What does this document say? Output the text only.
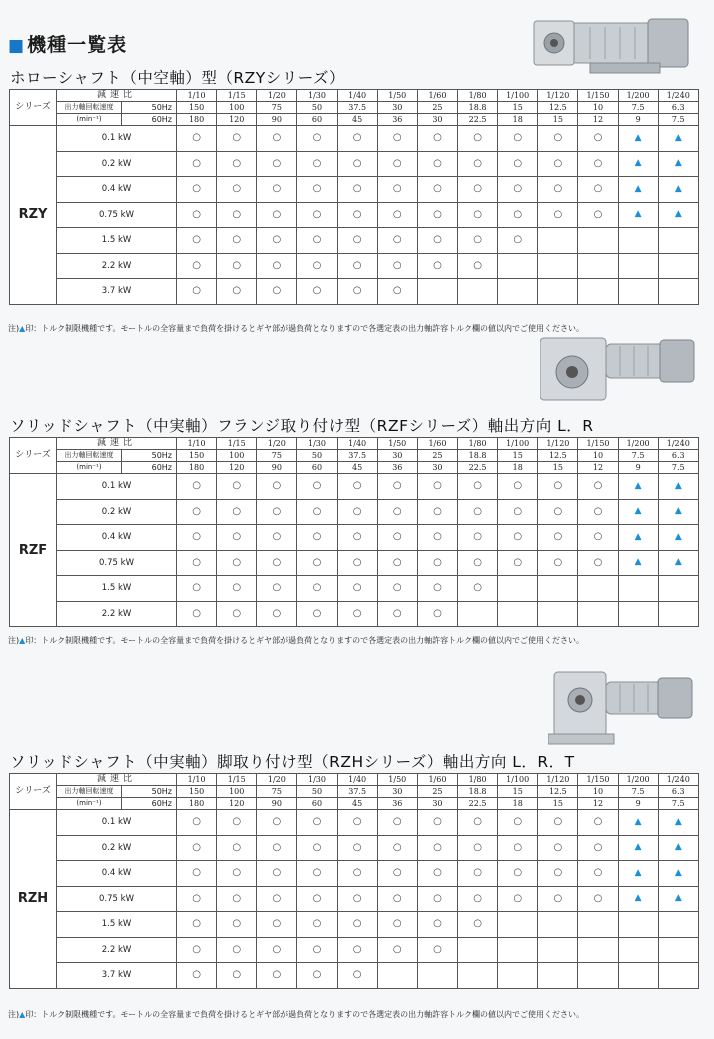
■ 機種一覧表
ホローシャフト（中空軸）型（RZYシリーズ）
ソリッドシャフト（中実軸）フランジ取り付け型（RZFシリーズ）軸出方向 L．R
ソリッドシャフト（中実軸）脚取り付け型（RZHシリーズ）軸出方向 L．R．T
シリーズ	減速比		1/10	1/15	1/20	1/30	1/40	1/50	1/60	1/80	1/100	1/120	1/150	1/200	1/240
	出力軸回転速度	50Hz	150	100	75	50	37.5	30	25	18.8	15	12.5	10	7.5	6.3
	(min⁻¹)	60Hz	180	120	90	60	45	36	30	22.5	18	15	12	9	7.5
RZY	0.1 kW		○	○	○	○	○	○	○	○	○	○	○	▲	▲
	0.2 kW		○	○	○	○	○	○	○	○	○	○	○	▲	▲
	0.4 kW		○	○	○	○	○	○	○	○	○	○	○	▲	▲
	0.75 kW		○	○	○	○	○	○	○	○	○	○	○	▲	▲
	1.5 kW		○	○	○	○	○	○	○	○	○				
	2.2 kW		○	○	○	○	○	○	○	○					
	3.7 kW		○	○	○	○	○	○							
シリーズ	減速比		1/10	1/15	1/20	1/30	1/40	1/50	1/60	1/80	1/100	1/120	1/150	1/200	1/240
	出力軸回転速度	50Hz	150	100	75	50	37.5	30	25	18.8	15	12.5	10	7.5	6.3
	(min⁻¹)	60Hz	180	120	90	60	45	36	30	22.5	18	15	12	9	7.5
RZF	0.1 kW		○	○	○	○	○	○	○	○	○	○	○	▲	▲
	0.2 kW		○	○	○	○	○	○	○	○	○	○	○	▲	▲
	0.4 kW		○	○	○	○	○	○	○	○	○	○	○	▲	▲
	0.75 kW		○	○	○	○	○	○	○	○	○	○	○	▲	▲
	1.5 kW		○	○	○	○	○	○	○	○					
	2.2 kW		○	○	○	○	○	○	○						
シリーズ	減速比		1/10	1/15	1/20	1/30	1/40	1/50	1/60	1/80	1/100	1/120	1/150	1/200	1/240
	出力軸回転速度	50Hz	150	100	75	50	37.5	30	25	18.8	15	12.5	10	7.5	6.3
	(min⁻¹)	60Hz	180	120	90	60	45	36	30	22.5	18	15	12	9	7.5
RZH	0.1 kW		○	○	○	○	○	○	○	○	○	○	○	▲	▲
	0.2 kW		○	○	○	○	○	○	○	○	○	○	○	▲	▲
	0.4 kW		○	○	○	○	○	○	○	○	○	○	○	▲	▲
	0.75 kW		○	○	○	○	○	○	○	○	○	○	○	▲	▲
	1.5 kW		○	○	○	○	○	○	○	○					
	2.2 kW		○	○	○	○	○	○	○						
	3.7 kW		○	○	○	○	○								
注)▲印：トルク制限機種です。モートルの全容量まで負荷を掛けるとギヤ部が過負荷となりますので各選定表の出力軸許容トルク欄の値以内でご使用ください。
注)▲印：トルク制限機種です。モートルの全容量まで負荷を掛けるとギヤ部が過負荷となりますので各選定表の出力軸許容トルク欄の値以内でご使用ください。
注)▲印：トルク制限機種です。モートルの全容量まで負荷を掛けるとギヤ部が過負荷となりますので各選定表の出力軸許容トルク欄の値以内でご使用ください。
